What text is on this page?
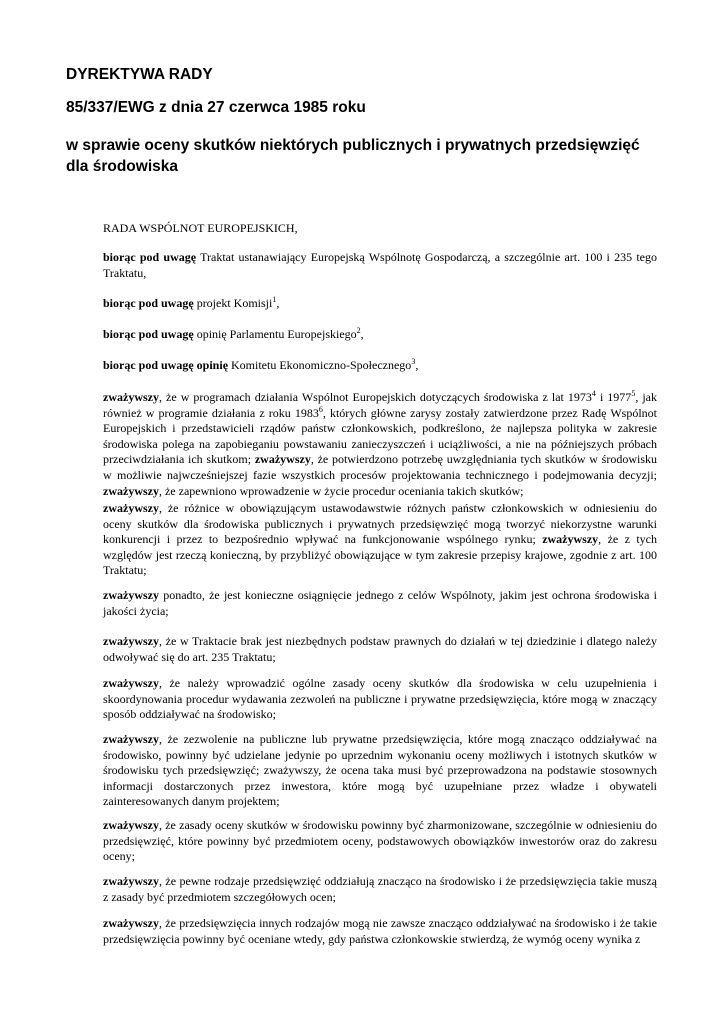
DYREKTYWA RADY
85/337/EWG z dnia 27 czerwca 1985 roku
w sprawie oceny skutków niektórych publicznych i prywatnych przedsięwzięć dla środowiska

RADA WSPÓLNOT EUROPEJSKICH,

biorąc pod uwagę Traktat ustanawiający Europejską Wspólnotę Gospodarczą, a szczególnie art. 100 i 235 tego Traktatu,

biorąc pod uwagę projekt Komisji$^1$,

biorąc pod uwagę opinię Parlamentu Europejskiego$^2$,

biorąc pod uwagę opinię Komitetu Ekonomiczno-Społecznego$^3$,

zważywszy, że w programach działania Wspólnot Europejskich dotyczących środowiska z lat 1973$^4$ i 1977$^5$, jak również w programie działania z roku 1983$^6$, których główne zarysy zostały zatwierdzone przez Radę Wspólnot Europejskich i przedstawicieli rządów państw członkowskich, podkreślono, że najlepsza polityka w zakresie środowiska polega na zapobieganiu powstawaniu zanieczyszczeń i uciążliwości, a nie na późniejszych próbach przeciwdziałania ich skutkom; zważywszy, że potwierdzono potrzebę uwzględniania tych skutków w środowisku w możliwie najwcześniejszej fazie wszystkich procesów projektowania technicznego i podejmowania decyzji; zważywszy, że zapewniono wprowadzenie w życie procedur oceniania takich skutków;

zważywszy, że różnice w obowiązującym ustawodawstwie różnych państw członkowskich w odniesieniu do oceny skutków dla środowiska publicznych i prywatnych przedsięwzięć mogą tworzyć niekorzystne warunki konkurencji i przez to bezpośrednio wpływać na funkcjonowanie wspólnego rynku; zważywszy, że z tych względów jest rzeczą konieczną, by przybliżyć obowiązujące w tym zakresie przepisy krajowe, zgodnie z art. 100 Traktatu;

zważywszy ponadto, że jest konieczne osiągnięcie jednego z celów Wspólnoty, jakim jest ochrona środowiska i jakości życia;

zważywszy, że w Traktacie brak jest niezbędnych podstaw prawnych do działań w tej dziedzinie i dlatego należy odwoływać się do art. 235 Traktatu;

zważywszy, że należy wprowadzić ogólne zasady oceny skutków dla środowiska w celu uzupełnienia i skoordynowania procedur wydawania zezwoleń na publiczne i prywatne przedsięwzięcia, które mogą w znaczący sposób oddziaływać na środowisko;

zważywszy, że zezwolenie na publiczne lub prywatne przedsięwzięcia, które mogą znacząco oddziaływać na środowisko, powinny być udzielane jedynie po uprzednim wykonaniu oceny możliwych i istotnych skutków w środowisku tych przedsięwzięć; zważywszy, że ocena taka musi być przeprowadzona na podstawie stosownych informacji dostarczonych przez inwestora, które mogą być uzupełniane przez władze i obywateli zainteresowanych danym projektem;

zważywszy, że zasady oceny skutków w środowisku powinny być zharmonizowane, szczególnie w odniesieniu do przedsięwzięć, które powinny być przedmiotem oceny, podstawowych obowiązków inwestorów oraz do zakresu oceny;

zważywszy, że pewne rodzaje przedsięwzięć oddziałują znacząco na środowisko i że przedsięwzięcia takie muszą z zasady być przedmiotem szczegółowych ocen;

zważywszy, że przedsięwzięcia innych rodzajów mogą nie zawsze znacząco oddziaływać na środowisko i że takie przedsięwzięcia powinny być oceniane wtedy, gdy państwa członkowskie stwierdzą, że wymóg oceny wynika z
